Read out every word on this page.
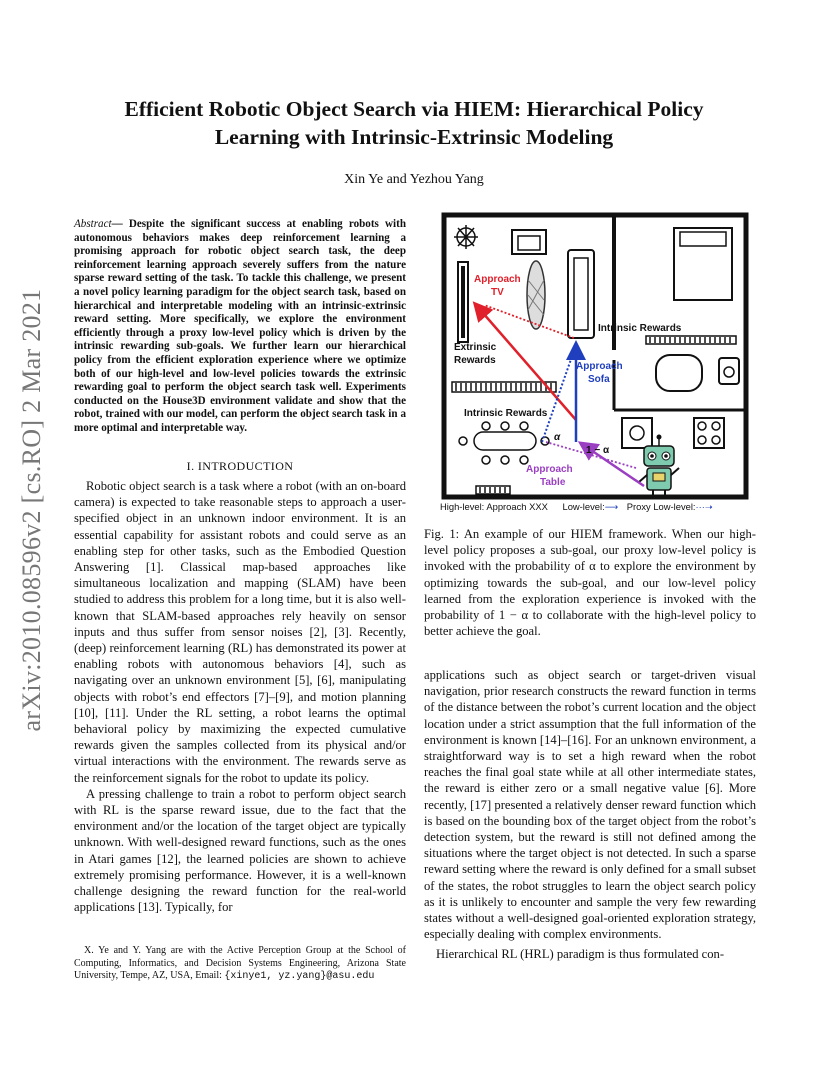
arXiv:2010.08596v2 [cs.RO] 2 Mar 2021
Efficient Robotic Object Search via HIEM: Hierarchical Policy Learning with Intrinsic-Extrinsic Modeling
Xin Ye and Yezhou Yang
Abstract— Despite the significant success at enabling robots with autonomous behaviors makes deep reinforcement learning a promising approach for robotic object search task, the deep reinforcement learning approach severely suffers from the nature sparse reward setting of the task. To tackle this challenge, we present a novel policy learning paradigm for the object search task, based on hierarchical and interpretable modeling with an intrinsic-extrinsic reward setting. More specifically, we explore the environment efficiently through a proxy low-level policy which is driven by the intrinsic rewarding sub-goals. We further learn our hierarchical policy from the efficient exploration experience where we optimize both of our high-level and low-level policies towards the extrinsic rewarding goal to perform the object search task well. Experiments conducted on the House3D environment validate and show that the robot, trained with our model, can perform the object search task in a more optimal and interpretable way.
I. INTRODUCTION

Robotic object search is a task where a robot (with an on-board camera) is expected to take reasonable steps to approach a user-specified object in an unknown indoor environment. It is an essential capability for assistant robots and could serve as an enabling step for other tasks, such as the Embodied Question Answering [1]. Classical map-based approaches like simultaneous localization and mapping (SLAM) have been studied to address this problem for a long time, but it is also well-known that SLAM-based approaches rely heavily on sensor inputs and thus suffer from sensor noises [2], [3]. Recently, (deep) reinforcement learning (RL) has demonstrated its power at enabling robots with autonomous behaviors [4], such as navigating over an unknown environment [5], [6], manipulating objects with robot’s end effectors [7]–[9], and motion planning [10], [11]. Under the RL setting, a robot learns the optimal behavioral policy by maximizing the expected cumulative rewards given the samples collected from its physical and/or virtual interactions with the environment. The rewards serve as the reinforcement signals for the robot to update its policy.

A pressing challenge to train a robot to perform object search with RL is the sparse reward issue, due to the fact that the environment and/or the location of the target object are typically unknown. With well-designed reward functions, such as the ones in Atari games [12], the learned policies are shown to achieve extremely promising performance. However, it is a well-known challenge designing the reward function for the real-world applications [13]. Typically, for

X. Ye and Y. Yang are with the Active Perception Group at the School of Computing, Informatics, and Decision Systems Engineering, Arizona State University, Tempe, AZ, USA, Email: {xinye1, yz.yang}@asu.edu

Approach
TV
Extrinsic
Rewards
Intrinsic Rewards
Approach
Sofa
Intrinsic Rewards
α
1 − α
Approach
Table
High-level: Approach XXX Low-level:⟶ Proxy Low-level:···➝
Fig. 1: An example of our HIEM framework. When our high-level policy proposes a sub-goal, our proxy low-level policy is invoked with the probability of α to explore the environment by optimizing towards the sub-goal, and our low-level policy learned from the exploration experience is invoked with the probability of 1 − α to collaborate with the high-level policy to better achieve the goal.

applications such as object search or target-driven visual navigation, prior research constructs the reward function in terms of the distance between the robot’s current location and the object location under a strict assumption that the full information of the environment is known [14]–[16]. For an unknown environment, a straightforward way is to set a high reward when the robot reaches the final goal state while at all other intermediate states, the reward is either zero or a small negative value [6]. More recently, [17] presented a relatively denser reward function which is based on the bounding box of the target object from the robot’s detection system, but the reward is still not defined among the situations where the target object is not detected. In such a sparse reward setting where the reward is only defined for a small subset of the states, the robot struggles to learn the object search policy as it is unlikely to encounter and sample the very few rewarding states without a well-designed goal-oriented exploration strategy, especially dealing with complex environments.

Hierarchical RL (HRL) paradigm is thus formulated con-
